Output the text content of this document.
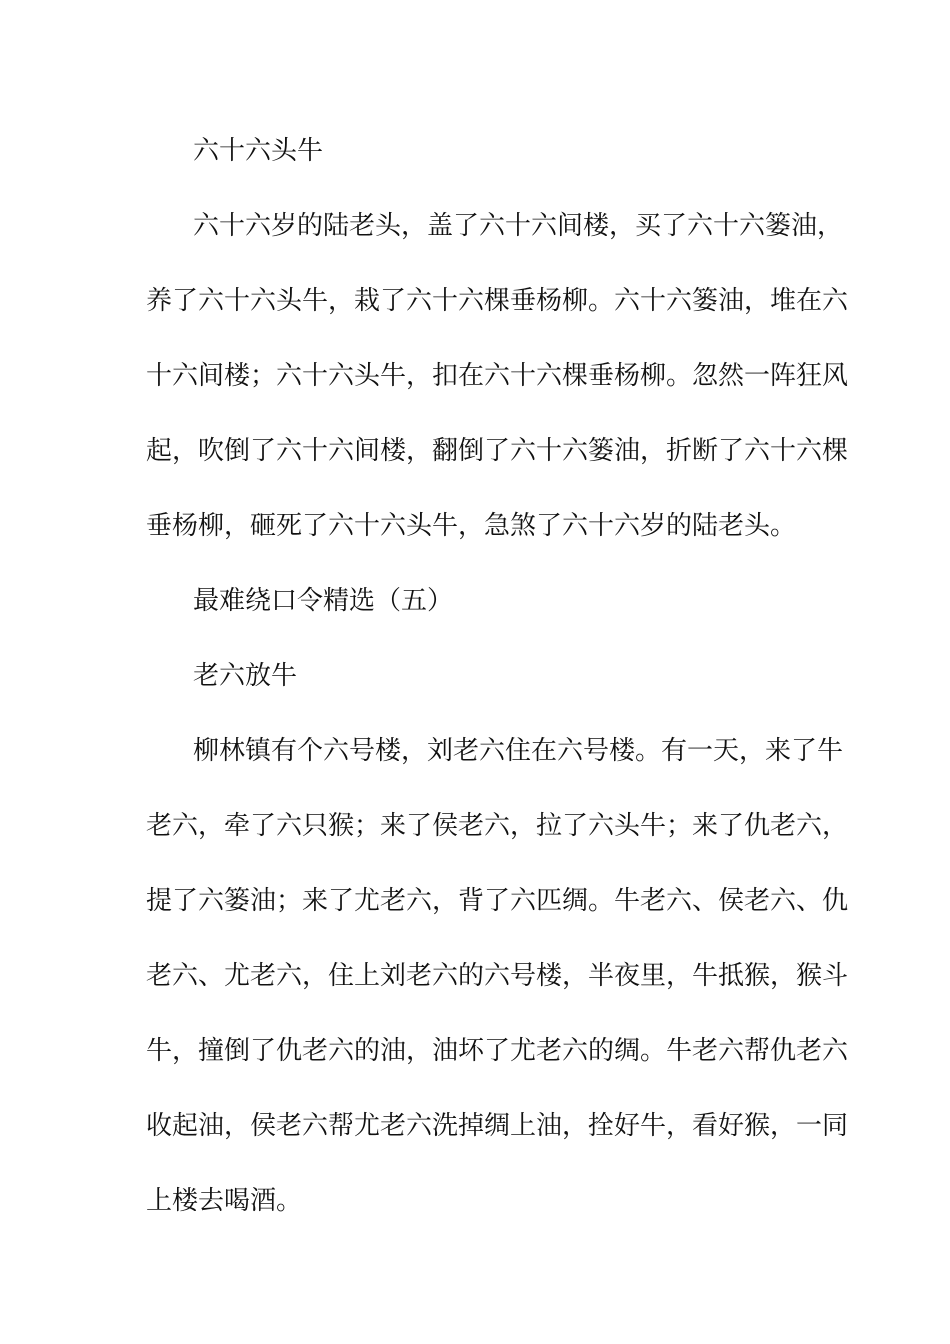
六十六头牛
六十六岁的陆老头，盖了六十六间楼，买了六十六篓油，
养了六十六头牛，栽了六十六棵垂杨柳。六十六篓油，堆在六
十六间楼；六十六头牛，扣在六十六棵垂杨柳。忽然一阵狂风
起，吹倒了六十六间楼，翻倒了六十六篓油，折断了六十六棵
垂杨柳，砸死了六十六头牛，急煞了六十六岁的陆老头。
最难绕口令精选（五）
老六放牛
柳林镇有个六号楼，刘老六住在六号楼。有一天，来了牛
老六，牵了六只猴；来了侯老六，拉了六头牛；来了仇老六，
提了六篓油；来了尤老六，背了六匹绸。牛老六、侯老六、仇
老六、尤老六，住上刘老六的六号楼，半夜里，牛抵猴，猴斗
牛，撞倒了仇老六的油，油坏了尤老六的绸。牛老六帮仇老六
收起油，侯老六帮尤老六洗掉绸上油，拴好牛，看好猴，一同
上楼去喝酒。
